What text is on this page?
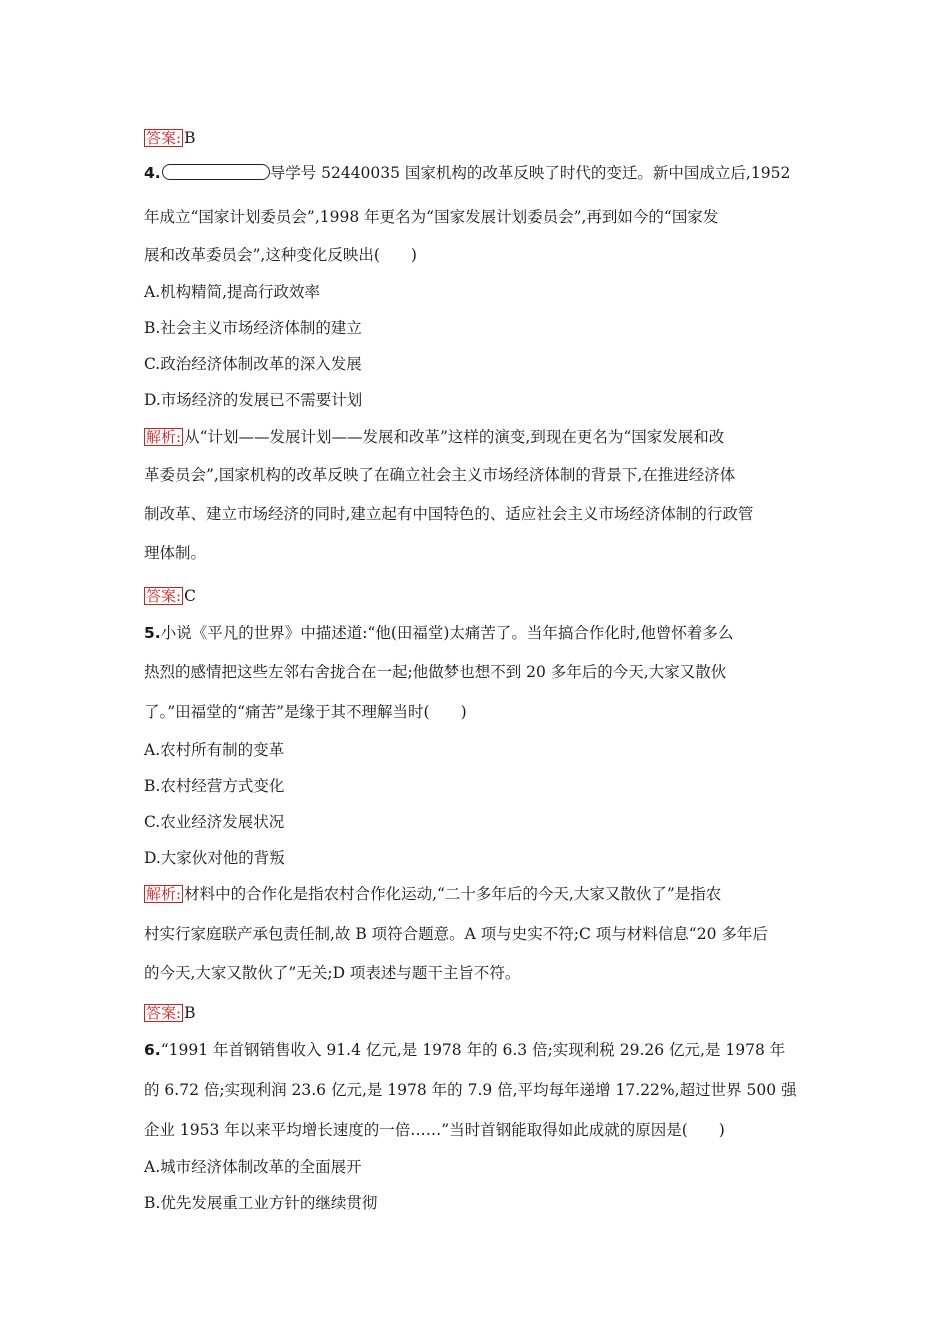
答案: B
4.	导学号 52440035 国家机构的改革反映了时代的变迁。新中国成立后,1952
年成立“国家计划委员会”,1998 年更名为“国家发展计划委员会”,再到如今的“国家发
展和改革委员会”,这种变化反映出(　　)
A.机构精简,提高行政效率
B.社会主义市场经济体制的建立
C.政治经济体制改革的深入发展
D.市场经济的发展已不需要计划
解析: 从“计划——发展计划——发展和改革”这样的演变,到现在更名为“国家发展和改
革委员会”,国家机构的改革反映了在确立社会主义市场经济体制的背景下,在推进经济体
制改革、建立市场经济的同时,建立起有中国特色的、适应社会主义市场经济体制的行政管
理体制。
答案: C
5.小说《平凡的世界》中描述道:“他(田福堂)太痛苦了。当年搞合作化时,他曾怀着多么
热烈的感情把这些左邻右舍拢合在一起;他做梦也想不到 20 多年后的今天,大家又散伙
了。”田福堂的“痛苦”是缘于其不理解当时(　　)
A.农村所有制的变革
B.农村经营方式变化
C.农业经济发展状况
D.大家伙对他的背叛
解析: 材料中的合作化是指农村合作化运动,“二十多年后的今天,大家又散伙了”是指农
村实行家庭联产承包责任制,故 B 项符合题意。A 项与史实不符;C 项与材料信息“20 多年后
的今天,大家又散伙了”无关;D 项表述与题干主旨不符。
答案: B
6.“1991 年首钢销售收入 91.4 亿元,是 1978 年的 6.3 倍;实现利税 29.26 亿元,是 1978 年
的 6.72 倍;实现利润 23.6 亿元,是 1978 年的 7.9 倍,平均每年递增 17.22%,超过世界 500 强
企业 1953 年以来平均增长速度的一倍……”当时首钢能取得如此成就的原因是(　　)
A.城市经济体制改革的全面展开
B.优先发展重工业方针的继续贯彻
